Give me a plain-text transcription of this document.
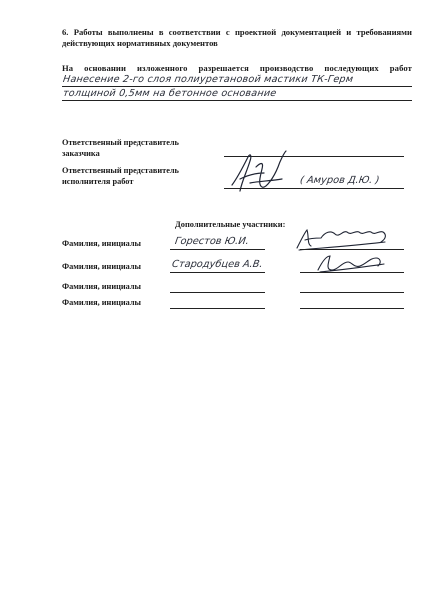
6. Работы выполнены в соответствии с проектной документацией и требованиями действующих нормативных документов
На основании изложенного разрешается производство последующих работ
Нанесение 2-го слоя полиуретановой мастики ТК-Герм
толщиной 0,5мм на бетонное основание
Ответственный представитель
заказчика
Ответственный представитель
исполнителя работ	( Амуров Д.Ю. )
Дополнительные участники:
Фамилия, инициалы	Горестов Ю.И.
Фамилия, инициалы	Стародубцев А.В.
Фамилия, инициалы
Фамилия, инициалы
